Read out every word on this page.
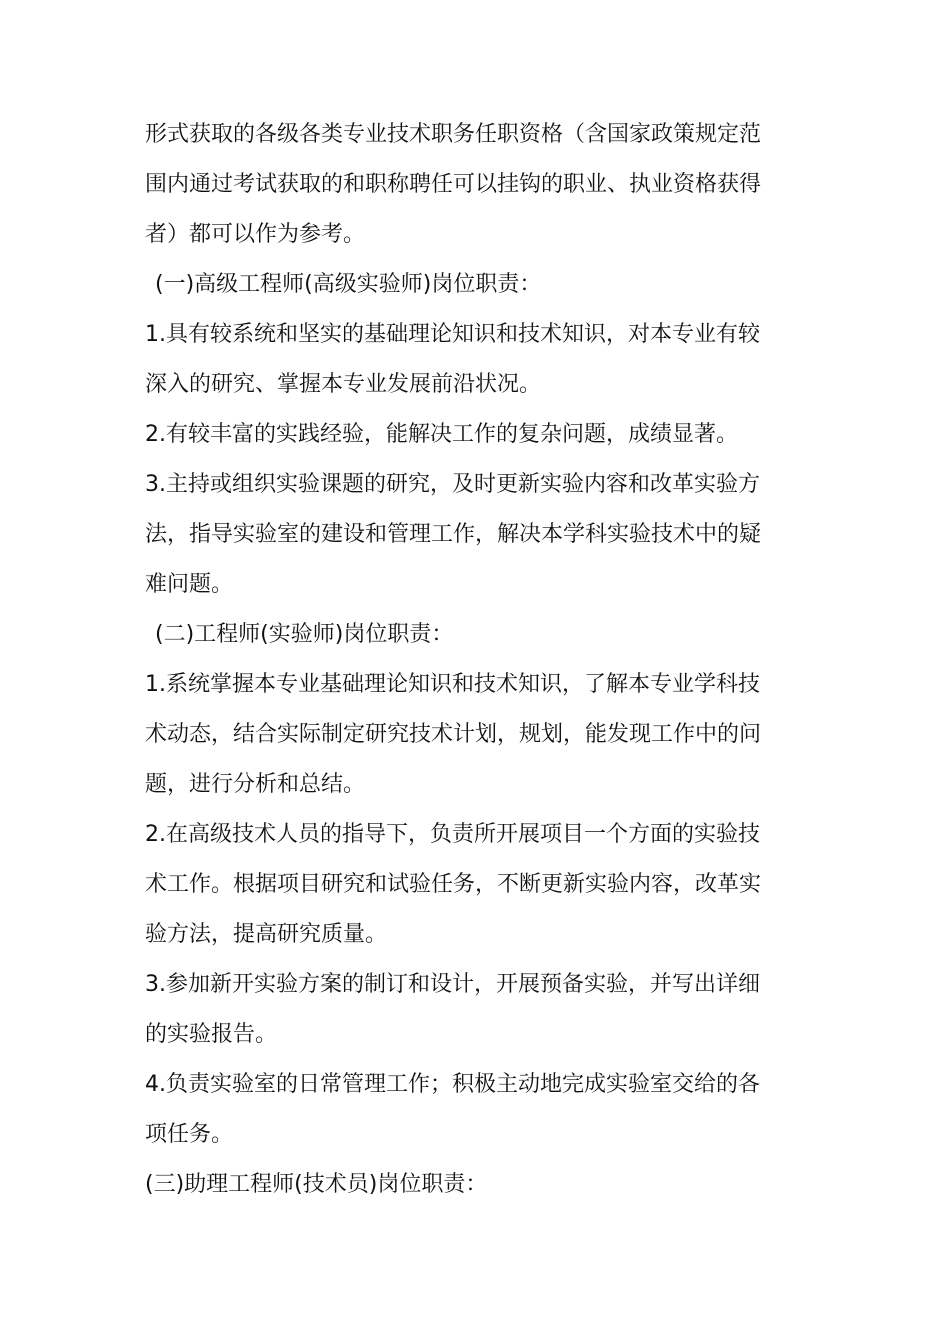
形式获取的各级各类专业技术职务任职资格（含国家政策规定范
围内通过考试获取的和职称聘任可以挂钩的职业、执业资格获得
者）都可以作为参考。
(一)高级工程师(高级实验师)岗位职责：
1.具有较系统和坚实的基础理论知识和技术知识，对本专业有较
深入的研究、掌握本专业发展前沿状况。
2.有较丰富的实践经验，能解决工作的复杂问题，成绩显著。
3.主持或组织实验课题的研究，及时更新实验内容和改革实验方
法，指导实验室的建设和管理工作，解决本学科实验技术中的疑
难问题。
(二)工程师(实验师)岗位职责：
1.系统掌握本专业基础理论知识和技术知识，了解本专业学科技
术动态，结合实际制定研究技术计划，规划，能发现工作中的问
题，进行分析和总结。
2.在高级技术人员的指导下，负责所开展项目一个方面的实验技
术工作。根据项目研究和试验任务，不断更新实验内容，改革实
验方法，提高研究质量。
3.参加新开实验方案的制订和设计，开展预备实验，并写出详细
的实验报告。
4.负责实验室的日常管理工作；积极主动地完成实验室交给的各
项任务。
(三)助理工程师(技术员)岗位职责：
